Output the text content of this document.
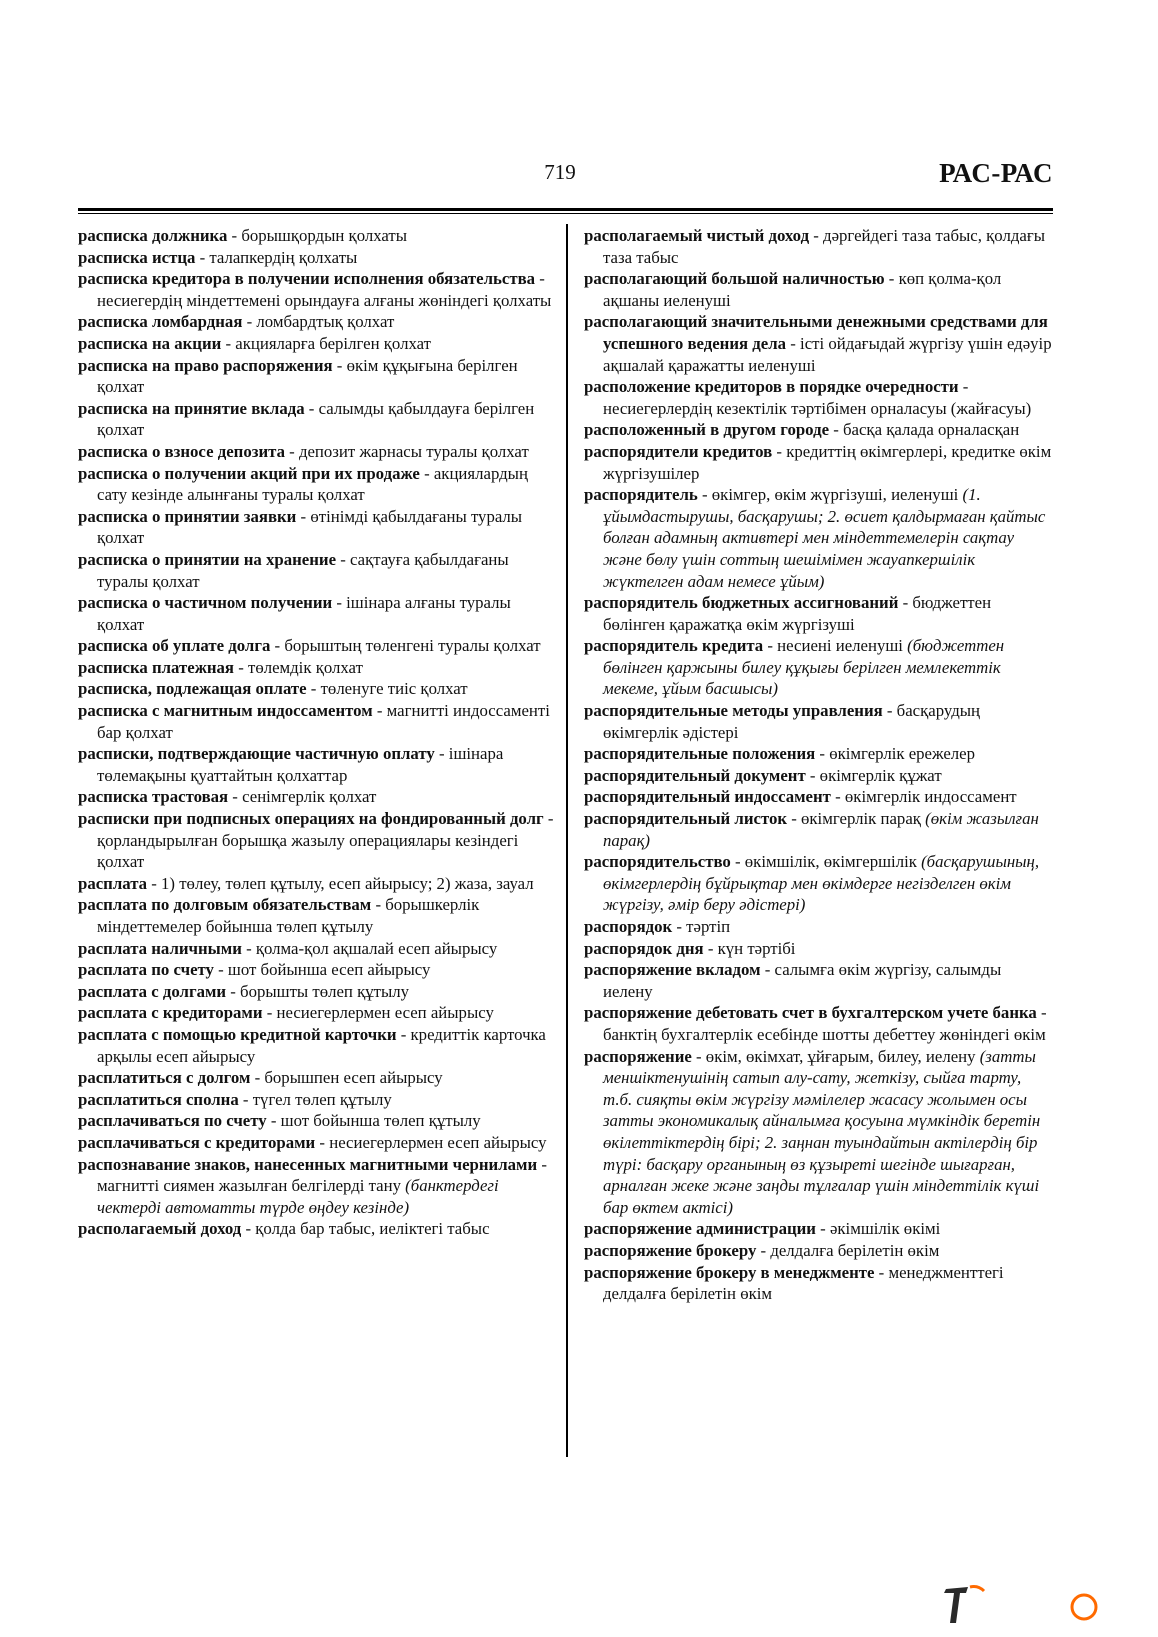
719	РАС-РАС

расписка должника - борышқордын қолхаты

расписка истца - талапкердің қолхаты

расписка кредитора в получении исполнения обязательства - несиегердің міндеттемені орындауға алғаны жөніндегі қолхаты

расписка ломбардная - ломбардтық қолхат

расписка на акции - акцияларға берілген қолхат

расписка на право распоряжения - өкім құқығына берілген қолхат

расписка на принятие вклада - салымды қабылдауға берілген қолхат

расписка о взносе депозита - депозит жарнасы туралы қолхат

расписка о получении акций при их продаже - акциялардың сату кезінде алынғаны туралы қолхат

расписка о принятии заявки - өтінімді қабылдағаны туралы қолхат

расписка о принятии на хранение - сақтауға қабылдағаны туралы қолхат

расписка о частичном получении - ішінара алғаны туралы қолхат

расписка об уплате долга - борыштың төленгені туралы қолхат

расписка платежная - төлемдік қолхат

расписка, подлежащая оплате - төленуге тиіс қолхат

расписка с магнитным индоссаментом - магнитті индоссаменті бар қолхат

расписки, подтверждающие частичную оплату - ішінара төлемақыны қуаттайтын қолхаттар

расписка трастовая - сенімгерлік қолхат

расписки при подписных операциях на фондированный долг - қорландырылған борышқа жазылу операциялары кезіндегі қолхат

расплата - 1) төлеу, төлеп құтылу, есеп айырысу; 2) жаза, зауал

расплата по долговым обязательствам - борышкерлік міндеттемелер бойынша төлеп құтылу

расплата наличными - қолма-қол ақшалай есеп айырысу

расплата по счету - шот бойынша есеп айырысу

расплата с долгами - борышты төлеп құтылу

расплата с кредиторами - несиегерлермен есеп айырысу

расплата с помощью кредитной карточки - кредиттік карточка арқылы есеп айырысу

расплатиться с долгом - борышпен есеп айырысу

расплатиться сполна - түгел төлеп құтылу

расплачиваться по счету - шот бойынша төлеп құтылу

расплачиваться с кредиторами - несиегерлермен есеп айырысу

распознавание знаков, нанесенных магнитными чернилами - магнитті сиямен жазылған белгілерді тану (банктердегі чектерді автоматты түрде өңдеу кезінде)

располагаемый доход - қолда бар табыс, иеліктегі табыс

располагаемый чистый доход - дәргейдегі таза табыс, қолдағы таза табыс

располагающий большой наличностью - көп қолма-қол ақшаны иеленуші

располагающий значительными денежными средствами для успешного ведения дела - істі ойдағыдай жүргізу үшін едәуір ақшалай қаражатты иеленуші

расположение кредиторов в порядке очередности - несиегерлердің кезектілік тәртібімен орналасуы (жайғасуы)

расположенный в другом городе - басқа қалада орналасқан

распорядители кредитов - кредиттің өкімгерлері, кредитке өкім жүргізушілер

распорядитель - өкімгер, өкім жүргізуші, иеленуші (1. ұйымдастырушы, басқарушы; 2. өсиет қалдырмаған қайтыс болған адамның активтері мен міндеттемелерін сақтау және бөлу үшін соттың шешімімен жауапкершілік жүктелген адам немесе ұйым)

распорядитель бюджетных ассигнований - бюджеттен бөлінген қаражатқа өкім жүргізуші

распорядитель кредита - несиені иеленуші (бюджеттен бөлінген қаржыны билеу құқығы берілген мемлекеттік мекеме, ұйым басшысы)

распорядительные методы управления - басқарудың өкімгерлік әдістері

распорядительные положения - өкімгерлік ережелер

распорядительный документ - өкімгерлік құжат

распорядительный индоссамент - өкімгерлік индоссамент

распорядительный листок - өкімгерлік парақ (өкім жазылған парақ)

распорядительство - өкімшілік, өкімгершілік (басқарушының, өкімгерлердің бұйрықтар мен өкімдерге негізделген өкім жүргізу, әмір беру әдістері)

распорядок - тәртіп

распорядок дня - күн тәртібі

распоряжение вкладом - салымға өкім жүргізу, салымды иелену

распоряжение дебетовать счет в бухгалтерском учете банка - банктің бухгалтерлік есебінде шотты дебеттеу жөніндегі өкім

распоряжение - өкім, өкімхат, ұйғарым, билеу, иелену (затты меншіктенушінің сатып алу-сату, жеткізу, сыйға тарту, т.б. сияқты өкім жүргізу мәмілелер жасасу жолымен осы затты экономикалық айналымға қосуына мүмкіндік беретін өкілеттіктердің бірі; 2. заңнан туындайтын актілердің бір түрі: басқару органының өз құзыреті шегінде шығарған, арналған жеке және заңды тұлғалар үшін міндеттілік күші бар өктем актісі)

распоряжение администрации - әкімшілік өкімі

распоряжение брокеру - делдалға берілетін өкім

распоряжение брокеру в менеджменте - менеджменттегі делдалға берілетін өкім
